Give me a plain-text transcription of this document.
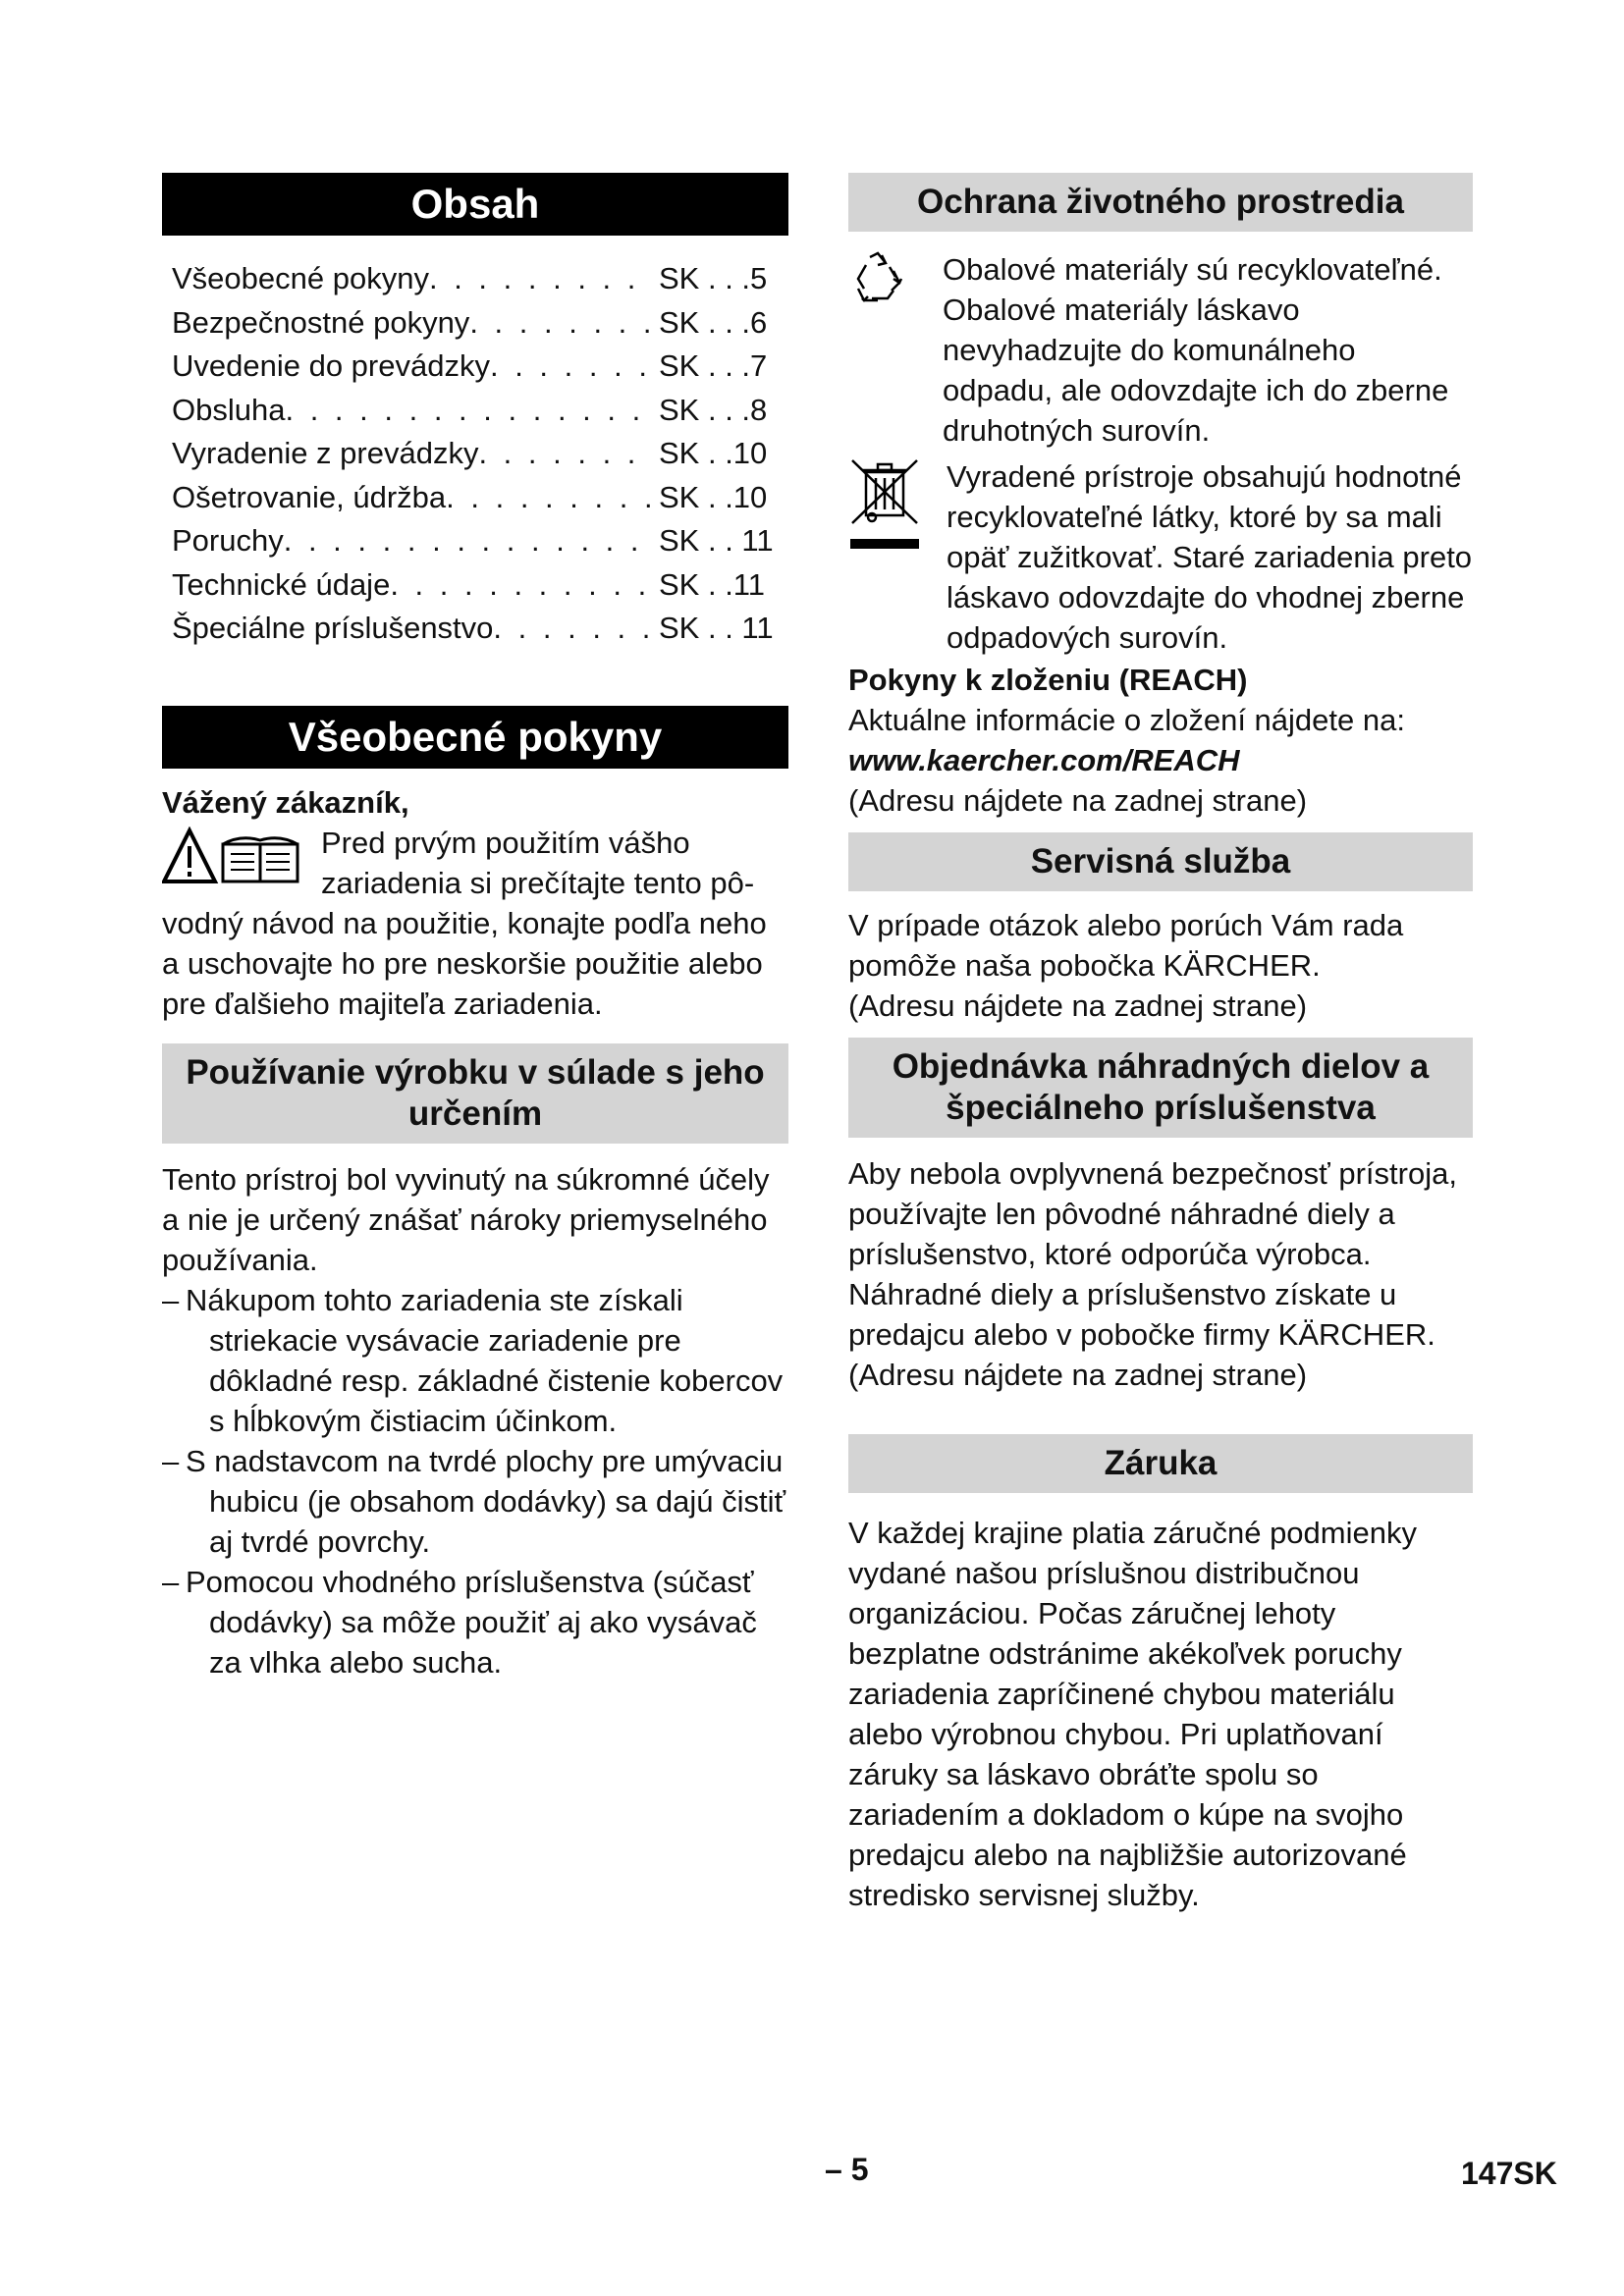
Obsah
Všeobecné pokyny . . .	SK . . .5
Bezpečnostné pokyny . . .	SK . . .6
Uvedenie do prevádzky . . .	SK . . .7
Obsluha . . .	SK . . .8
Vyradenie z prevádzky . . .	SK . .10
Ošetrovanie, údržba . . .	SK . .10
Poruchy . . .	SK . . 11
Technické údaje . . .	SK . .11
Špeciálne príslušenstvo . . .	SK . . 11
Všeobecné pokyny

Vážený zákazník,

Pred prvým použitím vášho zariadenia si prečítajte tento pô-

vodný návod na použitie, konajte podľa neho a uschovajte ho pre neskoršie použitie alebo pre ďalšieho majiteľa zariadenia.

Používanie výrobku v súlade s jeho určením

Tento prístroj bol vyvinutý na súkromné účely a nie je určený znášať nároky priemyselného používania.

– Nákupom tohto zariadenia ste získali striekacie vysávacie zariadenie pre dôkladné resp. základné čistenie kobercov s hĺbkovým čistiacim účinkom.
– S nadstavcom na tvrdé plochy pre umývaciu hubicu (je obsahom dodávky) sa dajú čistiť aj tvrdé povrchy.
– Pomocou vhodného príslušenstva (súčasť dodávky) sa môže použiť aj ako vysávač za vlhka alebo sucha.
Ochrana životného prostredia

Obalové materiály sú recyklovateľné. Obalové materiály láskavo nevyhadzujte do komunálneho odpadu, ale odovzdajte ich do zberne druhotných surovín.

Vyradené prístroje obsahujú hodnotné recyklovateľné látky, ktoré by sa mali opäť zužitkovať. Staré zariadenia preto láskavo odovzdajte do vhodnej zberne odpadových surovín.

Pokyny k zloženiu (REACH)

Aktuálne informácie o zložení nájdete na:

www.kaercher.com/REACH

(Adresu nájdete na zadnej strane)

Servisná služba

V prípade otázok alebo porúch Vám rada pomôže naša pobočka KÄRCHER.

(Adresu nájdete na zadnej strane)

Objednávka náhradných dielov a špeciálneho príslušenstva

Aby nebola ovplyvnená bezpečnosť prístroja, používajte len pôvodné náhradné diely a príslušenstvo, ktoré odporúča výrobca.

Náhradné diely a príslušenstvo získate u predajcu alebo v pobočke firmy KÄRCHER.

(Adresu nájdete na zadnej strane)

Záruka

V každej krajine platia záručné podmienky vydané našou príslušnou distribučnou organizáciou. Počas záručnej lehoty bezplatne odstránime akékoľvek poruchy zariadenia zapríčinené chybou materiálu alebo výrobnou chybou. Pri uplatňovaní záruky sa láskavo obráťte spolu so zariadením a dokladom o kúpe na svojho predajcu alebo na najbližšie autorizované stredisko servisnej služby.

– 5	147SK
